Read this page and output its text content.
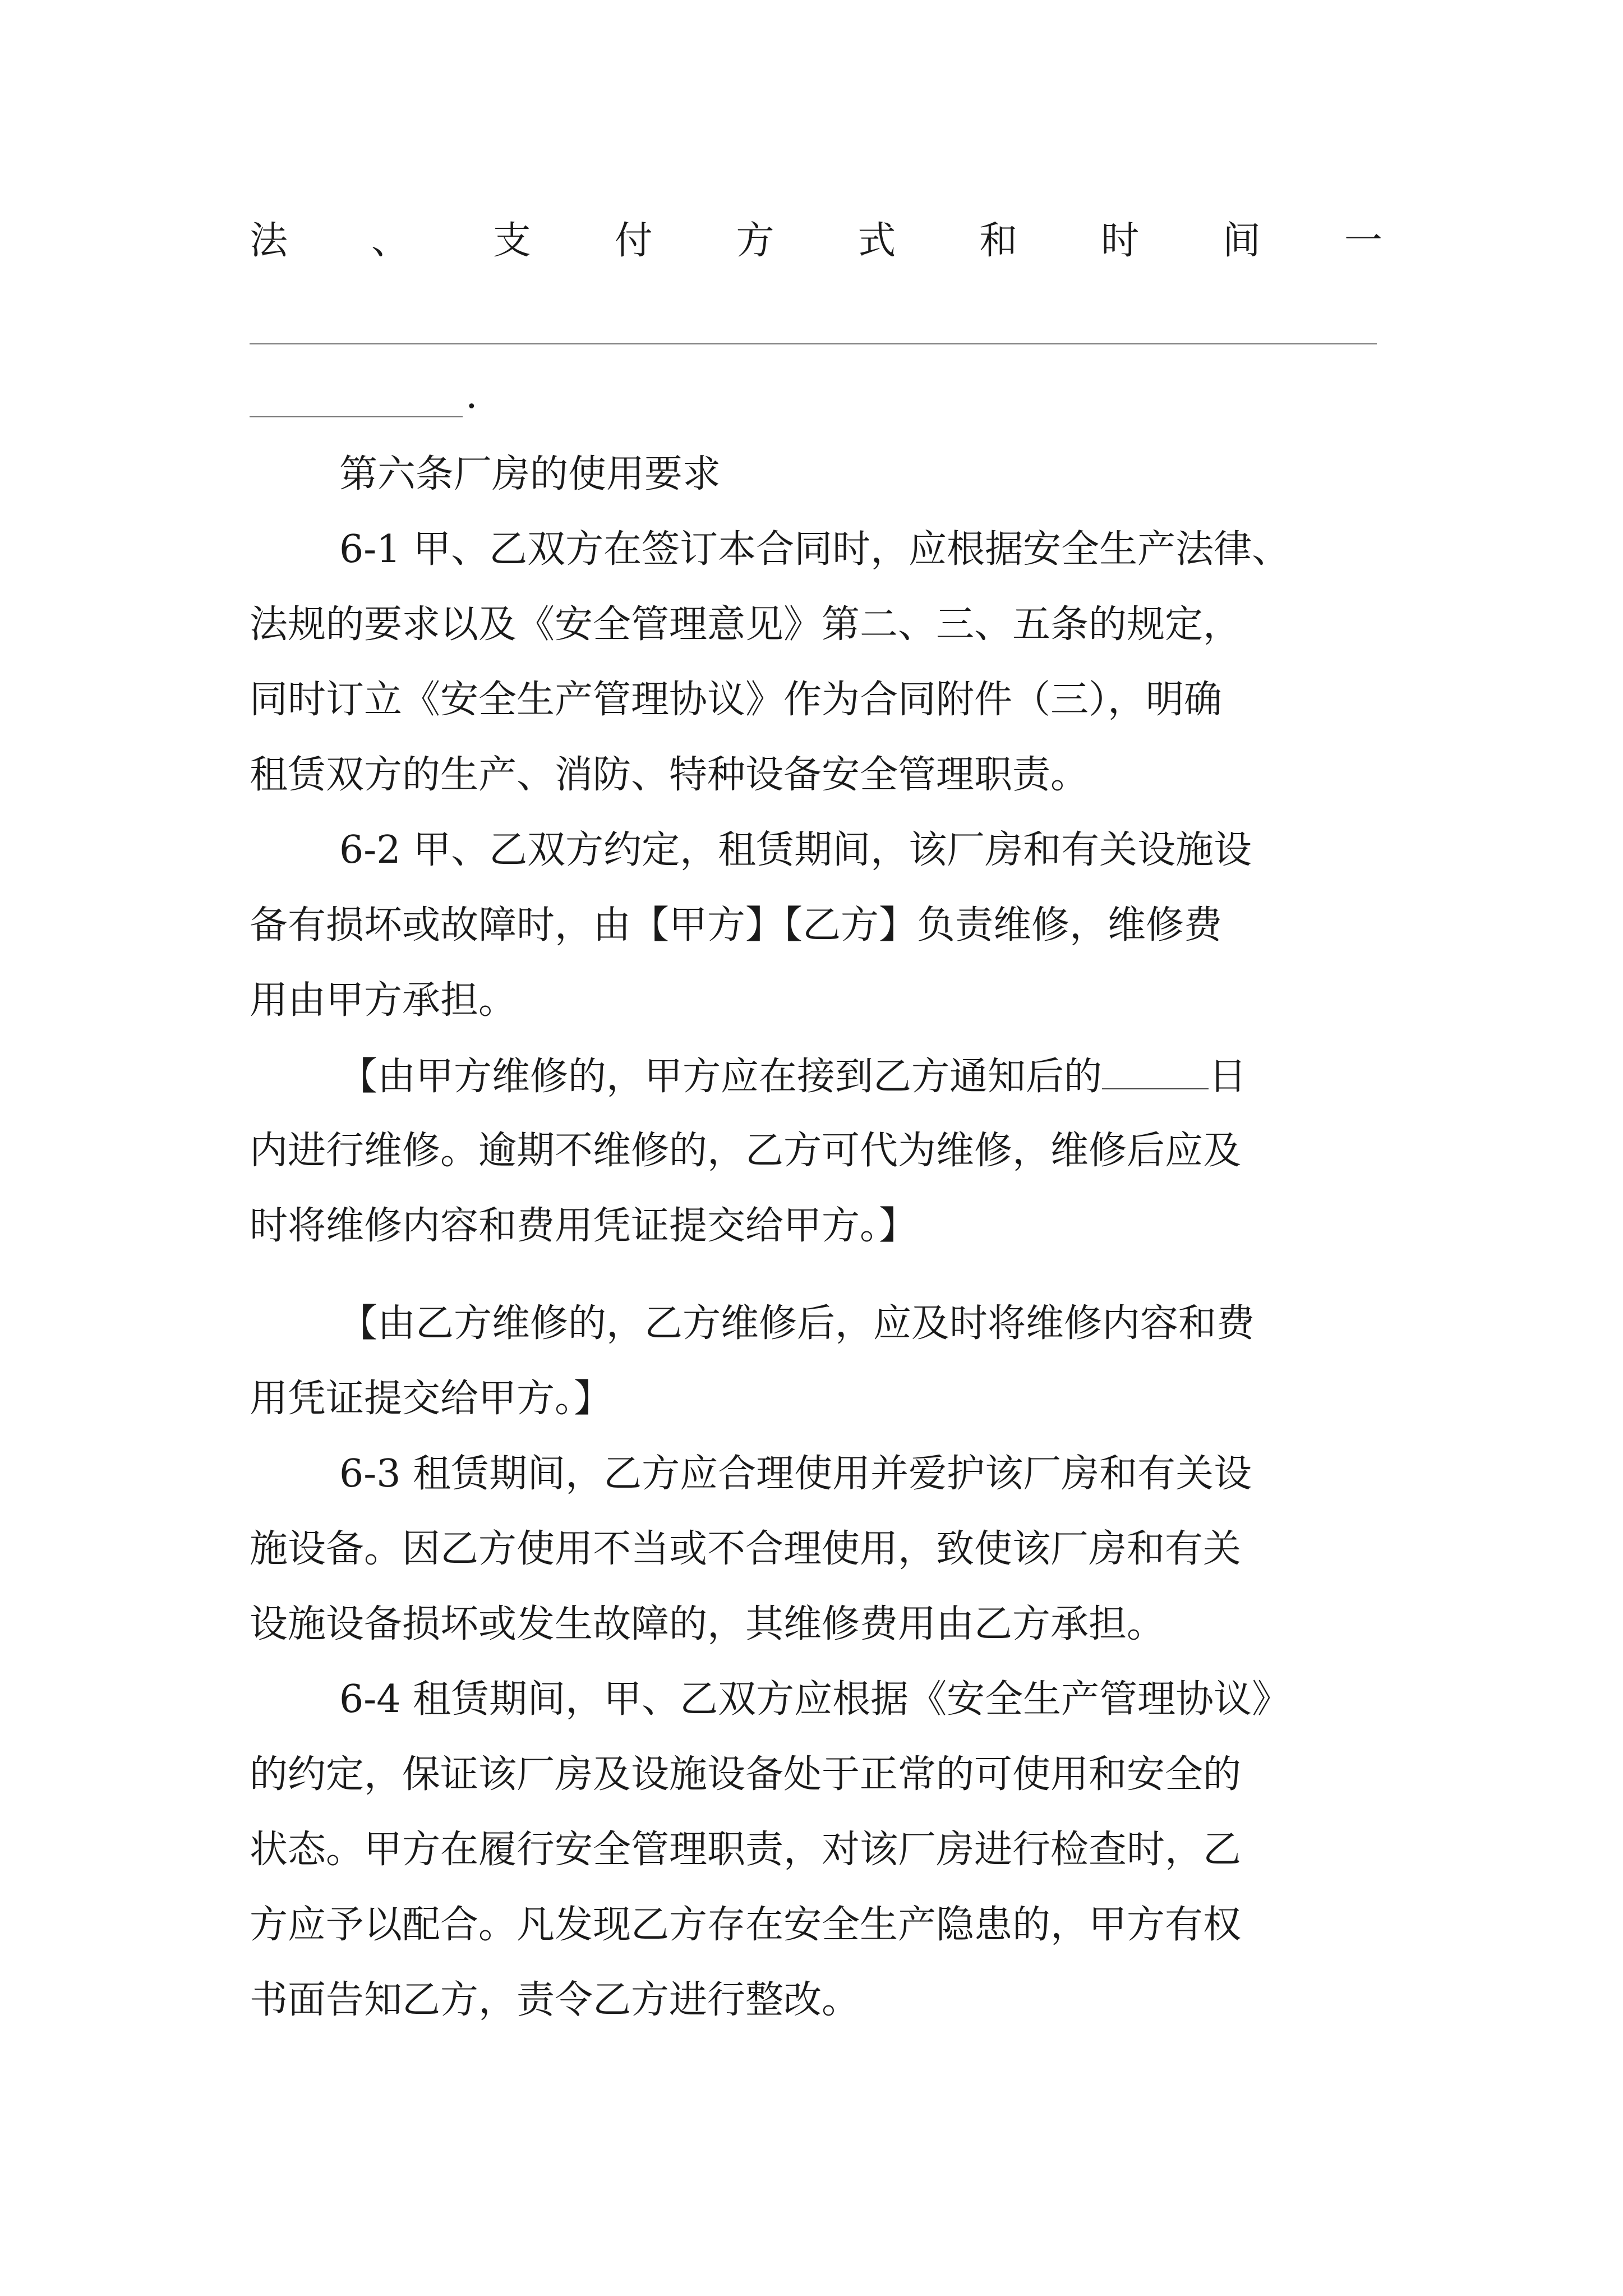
法 、 支 付 方 式 和 时 间 一
.
第六条厂房的使用要求
6-1 甲、乙双方在签订本合同时，应根据安全生产法律、
法规的要求以及《安全管理意见》第二、三、五条的规定，
同时订立《安全生产管理协议》作为合同附件（三），明确
租赁双方的生产、消防、特种设备安全管理职责。
6-2 甲、乙双方约定，租赁期间，该厂房和有关设施设
备有损坏或故障时，由【甲方】【乙方】负责维修，维修费
用由甲方承担。
【由甲方维修的，甲方应在接到乙方通知后的	日
内进行维修。逾期不维修的，乙方可代为维修，维修后应及
时将维修内容和费用凭证提交给甲方。】
【由乙方维修的，乙方维修后，应及时将维修内容和费
用凭证提交给甲方。】
6-3 租赁期间，乙方应合理使用并爱护该厂房和有关设
施设备。因乙方使用不当或不合理使用，致使该厂房和有关
设施设备损坏或发生故障的，其维修费用由乙方承担。
6-4 租赁期间，甲、乙双方应根据《安全生产管理协议》
的约定，保证该厂房及设施设备处于正常的可使用和安全的
状态。甲方在履行安全管理职责，对该厂房进行检查时，乙
方应予以配合。凡发现乙方存在安全生产隐患的，甲方有权
书面告知乙方，责令乙方进行整改。
